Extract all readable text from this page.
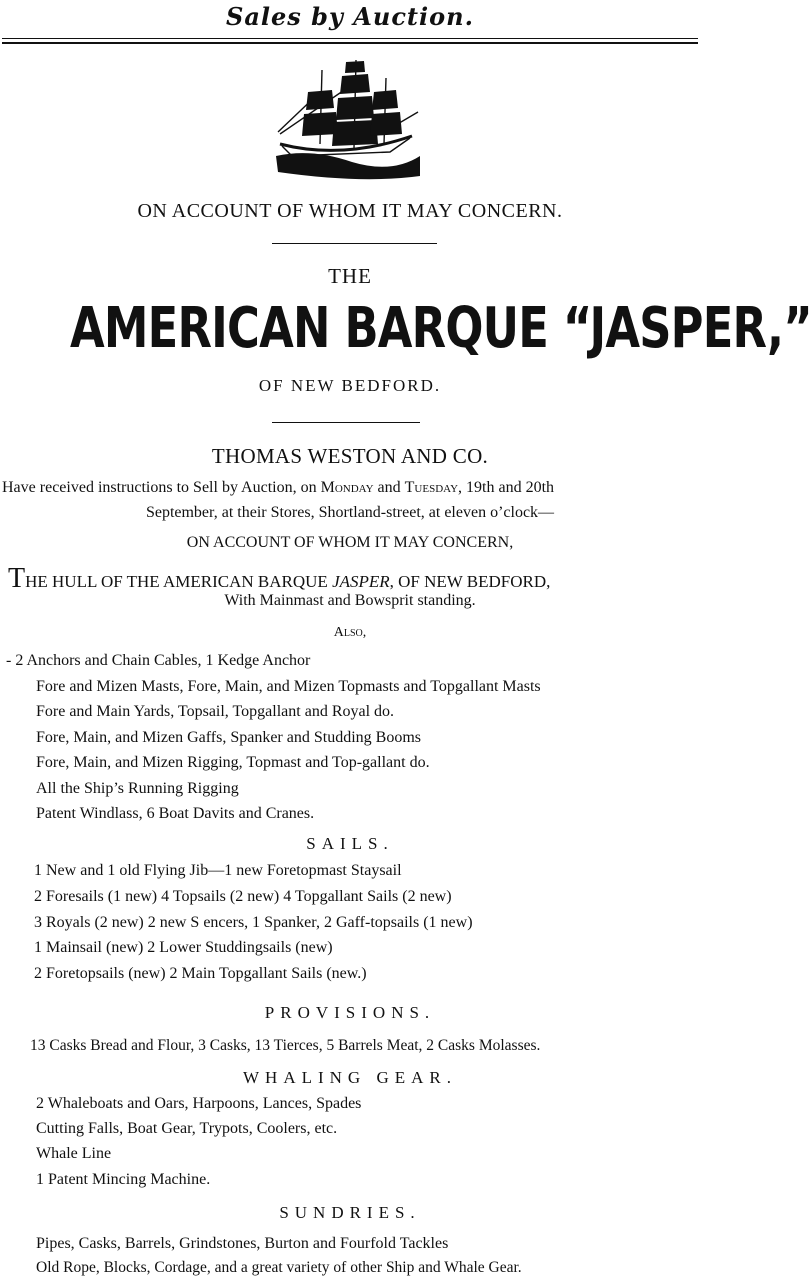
Sales by Auction.
ON ACCOUNT OF WHOM IT MAY CONCERN.
THE
AMERICAN BARQUE “JASPER,”
OF NEW BEDFORD.
THOMAS WESTON AND CO.
Have received instructions to Sell by Auction, on Monday and Tuesday, 19th and 20th
September, at their Stores, Shortland-street, at eleven o’clock—
ON ACCOUNT OF WHOM IT MAY CONCERN,
THE HULL OF THE AMERICAN BARQUE JASPER, OF NEW BEDFORD,
With Mainmast and Bowsprit standing.
Also,
- 2 Anchors and Chain Cables, 1 Kedge Anchor
Fore and Mizen Masts, Fore, Main, and Mizen Topmasts and Topgallant Masts
Fore and Main Yards, Topsail, Topgallant and Royal do.
Fore, Main, and Mizen Gaffs, Spanker and Studding Booms
Fore, Main, and Mizen Rigging, Topmast and Top-gallant do.
All the Ship’s Running Rigging
Patent Windlass, 6 Boat Davits and Cranes.
SAILS.
1 New and 1 old Flying Jib—1 new Foretopmast Staysail
2 Foresails (1 new) 4 Topsails (2 new) 4 Topgallant Sails (2 new)
3 Royals (2 new) 2 new S encers, 1 Spanker, 2 Gaff-topsails (1 new)
1 Mainsail (new) 2 Lower Studdingsails (new)
2 Foretopsails (new) 2 Main Topgallant Sails (new.)
PROVISIONS.
13 Casks Bread and Flour, 3 Casks, 13 Tierces, 5 Barrels Meat, 2 Casks Molasses.
WHALING GEAR.
2 Whaleboats and Oars, Harpoons, Lances, Spades
Cutting Falls, Boat Gear, Trypots, Coolers, etc.
Whale Line
1 Patent Mincing Machine.
SUNDRIES.
Pipes, Casks, Barrels, Grindstones, Burton and Fourfold Tackles
Old Rope, Blocks, Cordage, and a great variety of other Ship and Whale Gear.
